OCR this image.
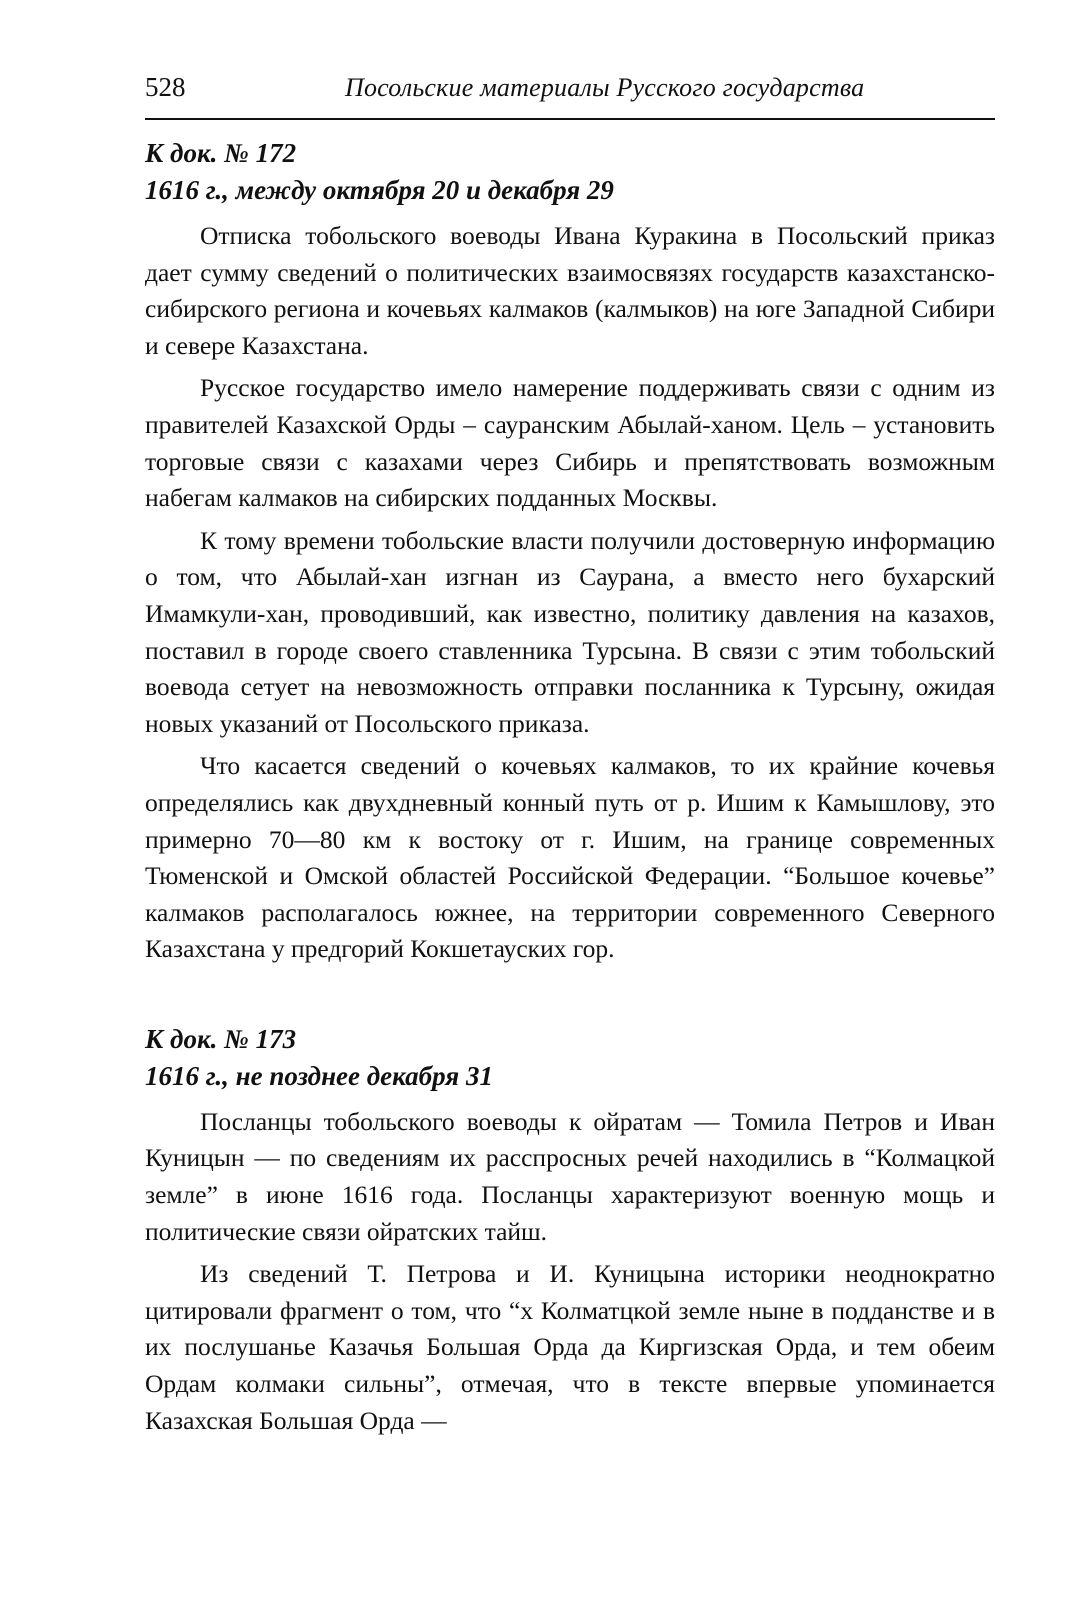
528	Посольские материалы Русского государства

К док. № 172

1616 г., между октября 20 и декабря 29

Отписка тобольского воеводы Ивана Куракина в Посольский приказ дает сумму сведений о политических взаимосвязях государств казахстанско-сибирского региона и кочевьях калмаков (калмыков) на юге Западной Сибири и севере Казахстана.

Русское государство имело намерение поддерживать связи с одним из правителей Казахской Орды – сауранским Абылай-ханом. Цель – установить торговые связи с казахами через Сибирь и препятствовать возможным набегам калмаков на сибирских подданных Москвы.

К тому времени тобольские власти получили достоверную информацию о том, что Абылай-хан изгнан из Саурана, а вместо него бухарский Имамкули-хан, проводивший, как известно, политику давления на казахов, поставил в городе своего ставленника Турсына. В связи с этим тобольский воевода сетует на невозможность отправки посланника к Турсыну, ожидая новых указаний от Посольского приказа.

Что касается сведений о кочевьях калмаков, то их крайние кочевья определялись как двухдневный конный путь от р. Ишим к Камышлову, это примерно 70—80 км к востоку от г. Ишим, на границе современных Тюменской и Омской областей Российской Федерации. “Большое кочевье” калмаков располагалось южнее, на территории современного Северного Казахстана у предгорий Кокшетауских гор.

К док. № 173

1616 г., не позднее декабря 31

Посланцы тобольского воеводы к ойратам — Томила Петров и Иван Куницын — по сведениям их расспросных речей находились в “Колмацкой земле” в июне 1616 года. Посланцы характеризуют военную мощь и политические связи ойратских тайш.

Из сведений Т. Петрова и И. Куницына историки неоднократно цитировали фрагмент о том, что “х Колматцкой земле ныне в подданстве и в их послушанье Казачья Большая Орда да Киргизская Орда, и тем обеим Ордам колмаки сильны”, отмечая, что в тексте впервые упоминается Казахская Большая Орда —
